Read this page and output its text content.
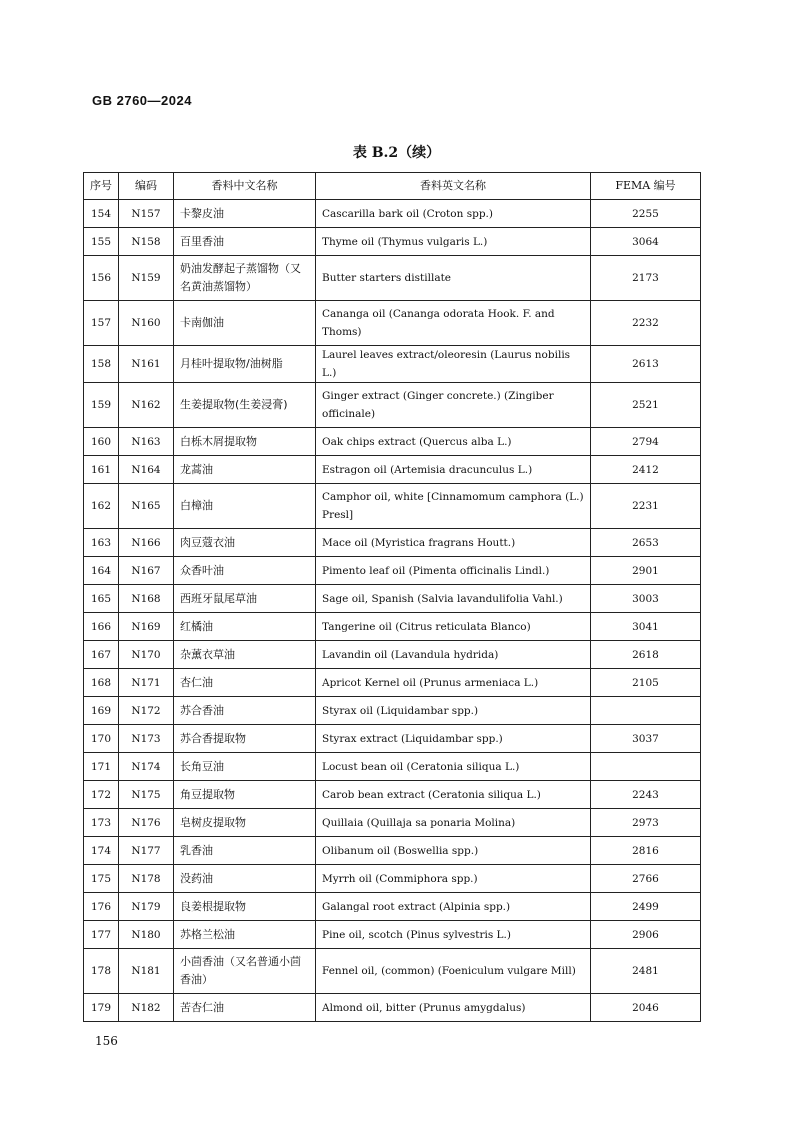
GB 2760—2024
表 B.2（续）
序号	编码	香料中文名称	香料英文名称	FEMA 编号
154	N157	卡黎皮油	Cascarilla bark oil (Croton spp.)	2255
155	N158	百里香油	Thyme oil (Thymus vulgaris L.)	3064
156	N159	奶油发酵起子蒸馏物（又名黄油蒸馏物）	Butter starters distillate	2173
157	N160	卡南伽油	Cananga oil (Cananga odorata Hook. F. and Thoms)	2232
158	N161	月桂叶提取物/油树脂	Laurel leaves extract/oleoresin (Laurus nobilis L.)	2613
159	N162	生姜提取物(生姜浸膏)	Ginger extract (Ginger concrete.) (Zingiber officinale)	2521
160	N163	白栎木屑提取物	Oak chips extract (Quercus alba L.)	2794
161	N164	龙蒿油	Estragon oil (Artemisia dracunculus L.)	2412
162	N165	白樟油	Camphor oil, white [Cinnamomum camphora (L.) Presl]	2231
163	N166	肉豆蔻衣油	Mace oil (Myristica fragrans Houtt.)	2653
164	N167	众香叶油	Pimento leaf oil (Pimenta officinalis Lindl.)	2901
165	N168	西班牙鼠尾草油	Sage oil, Spanish (Salvia lavandulifolia Vahl.)	3003
166	N169	红橘油	Tangerine oil (Citrus reticulata Blanco)	3041
167	N170	杂薰衣草油	Lavandin oil (Lavandula hydrida)	2618
168	N171	杏仁油	Apricot Kernel oil (Prunus armeniaca L.)	2105
169	N172	苏合香油	Styrax oil (Liquidambar spp.)	
170	N173	苏合香提取物	Styrax extract (Liquidambar spp.)	3037
171	N174	长角豆油	Locust bean oil (Ceratonia siliqua L.)	
172	N175	角豆提取物	Carob bean extract (Ceratonia siliqua L.)	2243
173	N176	皂树皮提取物	Quillaia (Quillaja sa ponaria Molina)	2973
174	N177	乳香油	Olibanum oil (Boswellia spp.)	2816
175	N178	没药油	Myrrh oil (Commiphora spp.)	2766
176	N179	良姜根提取物	Galangal root extract (Alpinia spp.)	2499
177	N180	苏格兰松油	Pine oil, scotch (Pinus sylvestris L.)	2906
178	N181	小茴香油（又名普通小茴香油）	Fennel oil, (common) (Foeniculum vulgare Mill)	2481
179	N182	苦杏仁油	Almond oil, bitter (Prunus amygdalus)	2046
156
